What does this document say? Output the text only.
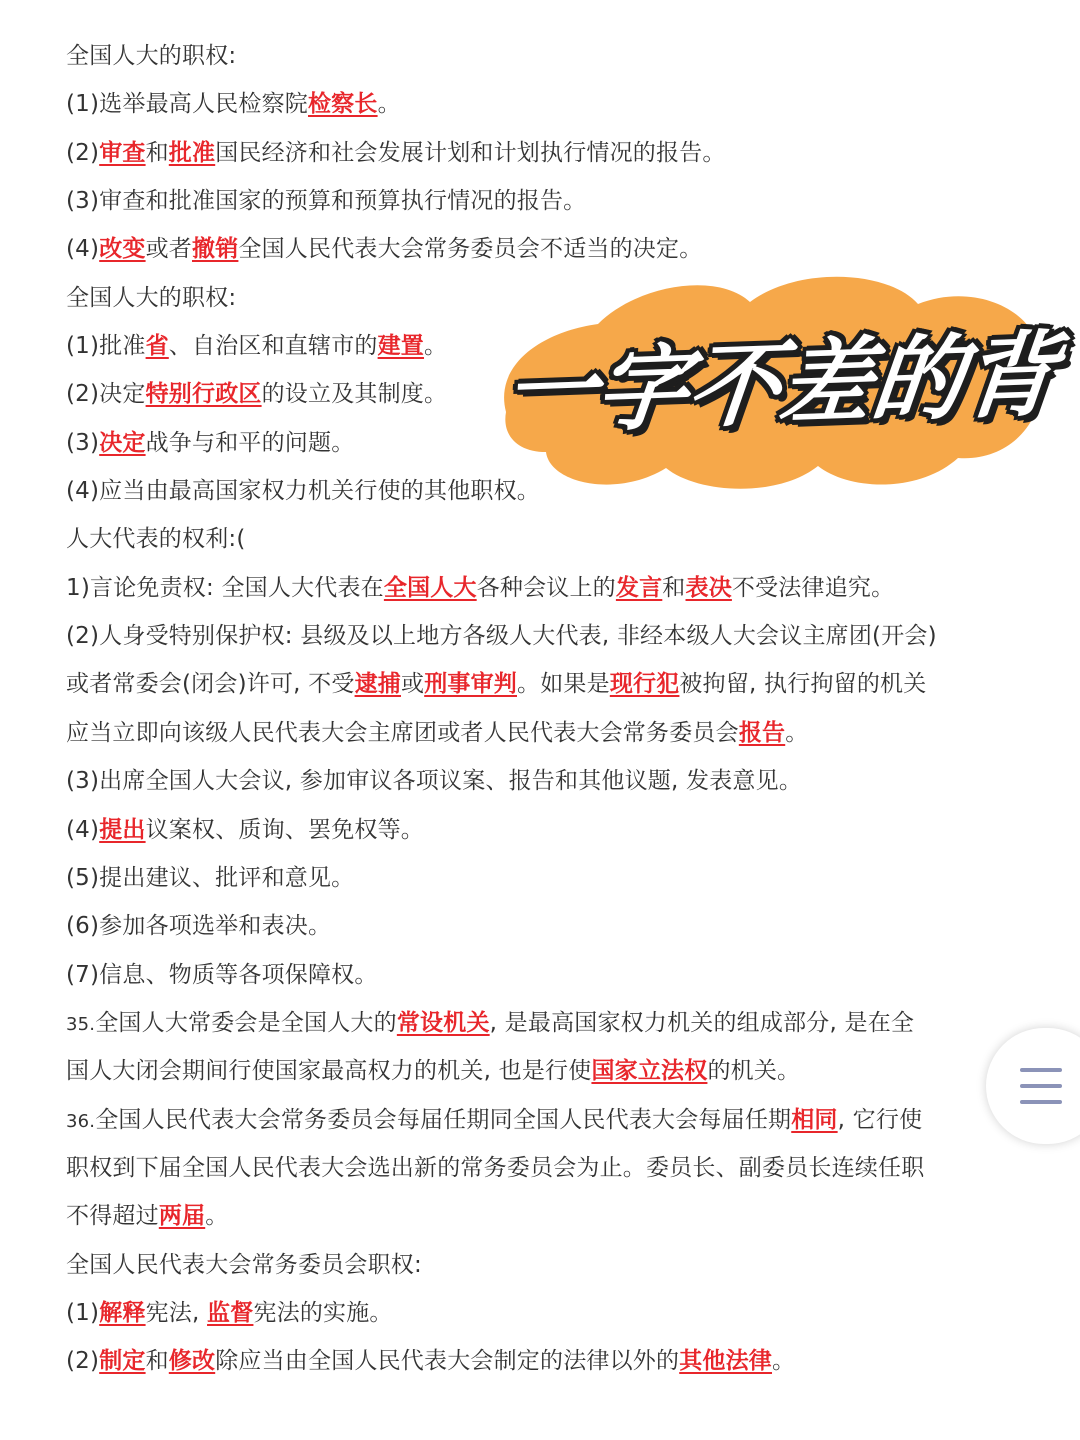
全国人大的职权:
(1)选举最高人民检察院检察长。
(2)审查和批准国民经济和社会发展计划和计划执行情况的报告。
(3)审查和批准国家的预算和预算执行情况的报告。
(4)改变或者撤销全国人民代表大会常务委员会不适当的决定。
全国人大的职权:
(1)批准省、自治区和直辖市的建置。
(2)决定特别行政区的设立及其制度。
(3)决定战争与和平的问题。
(4)应当由最高国家权力机关行使的其他职权。
人大代表的权利:(
1)言论免责权: 全国人大代表在全国人大各种会议上的发言和表决不受法律追究。
(2)人身受特别保护权: 县级及以上地方各级人大代表, 非经本级人大会议主席团(开会)
或者常委会(闭会)许可, 不受逮捕或刑事审判。如果是现行犯被拘留, 执行拘留的机关
应当立即向该级人民代表大会主席团或者人民代表大会常务委员会报告。
(3)出席全国人大会议, 参加审议各项议案、报告和其他议题, 发表意见。
(4)提出议案权、质询、罢免权等。
(5)提出建议、批评和意见。
(6)参加各项选举和表决。
(7)信息、物质等各项保障权。
35.全国人大常委会是全国人大的常设机关, 是最高国家权力机关的组成部分, 是在全
国人大闭会期间行使国家最高权力的机关, 也是行使国家立法权的机关。
36.全国人民代表大会常务委员会每届任期同全国人民代表大会每届任期相同, 它行使
职权到下届全国人民代表大会选出新的常务委员会为止。委员长、副委员长连续任职
不得超过两届。
全国人民代表大会常务委员会职权:
(1)解释宪法, 监督宪法的实施。
(2)制定和修改除应当由全国人民代表大会制定的法律以外的其他法律。
一字不差的背
